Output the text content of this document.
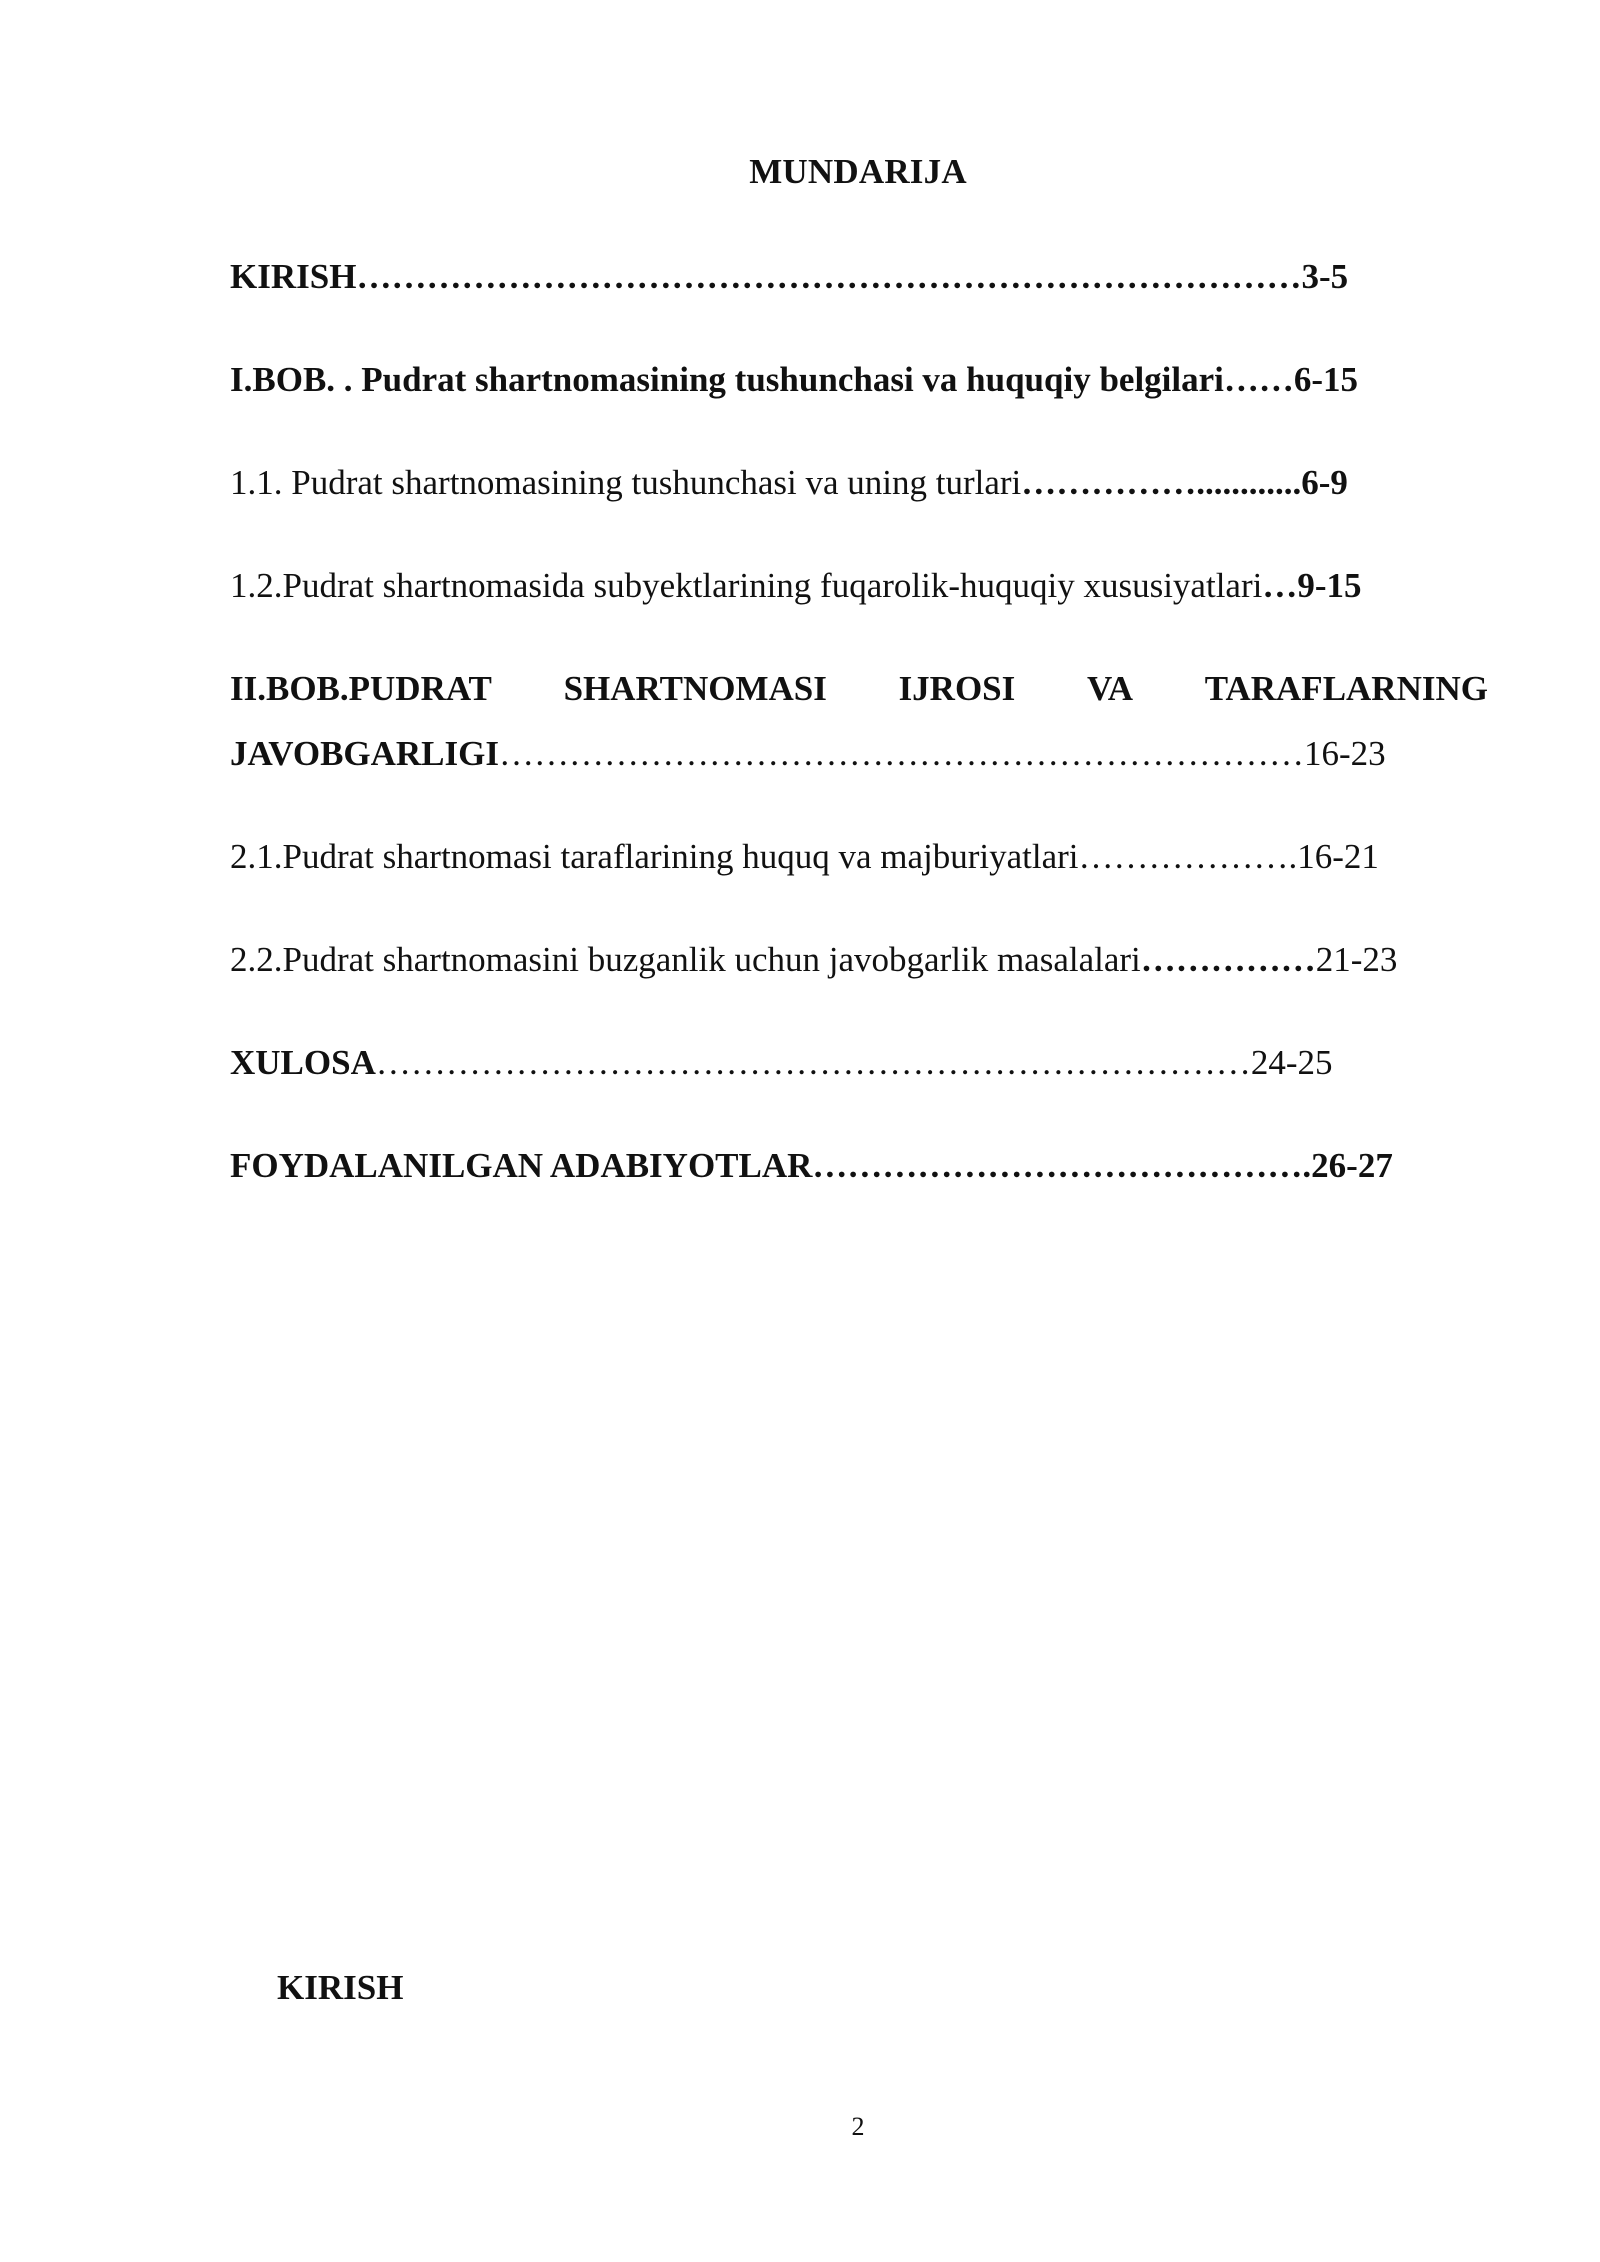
MUNDARIJA
KIRISH………………………………………………………………………3-5
I.BOB. . Pudrat shartnomasining tushunchasi va huquqiy belgilari……6-15
1.1. Pudrat shartnomasining tushunchasi va uning turlari……………............6-9
1.2.Pudrat shartnomasida subyektlarining fuqarolik-huquqiy xususiyatlari…9-15
II.BOB.PUDRAT SHARTNOMASI IJROSI VA TARAFLARNING
JAVOBGARLIGI……………………………………………………………16-23
2.1.Pudrat shartnomasi taraflarining huquq va majburiyatlari……………….16-21
2.2.Pudrat shartnomasini buzganlik uchun javobgarlik masalalari……………21-23
XULOSA…………………………………………………………………24-25
FOYDALANILGAN ADABIYOTLAR…………………………………….26-27
KIRISH
2
